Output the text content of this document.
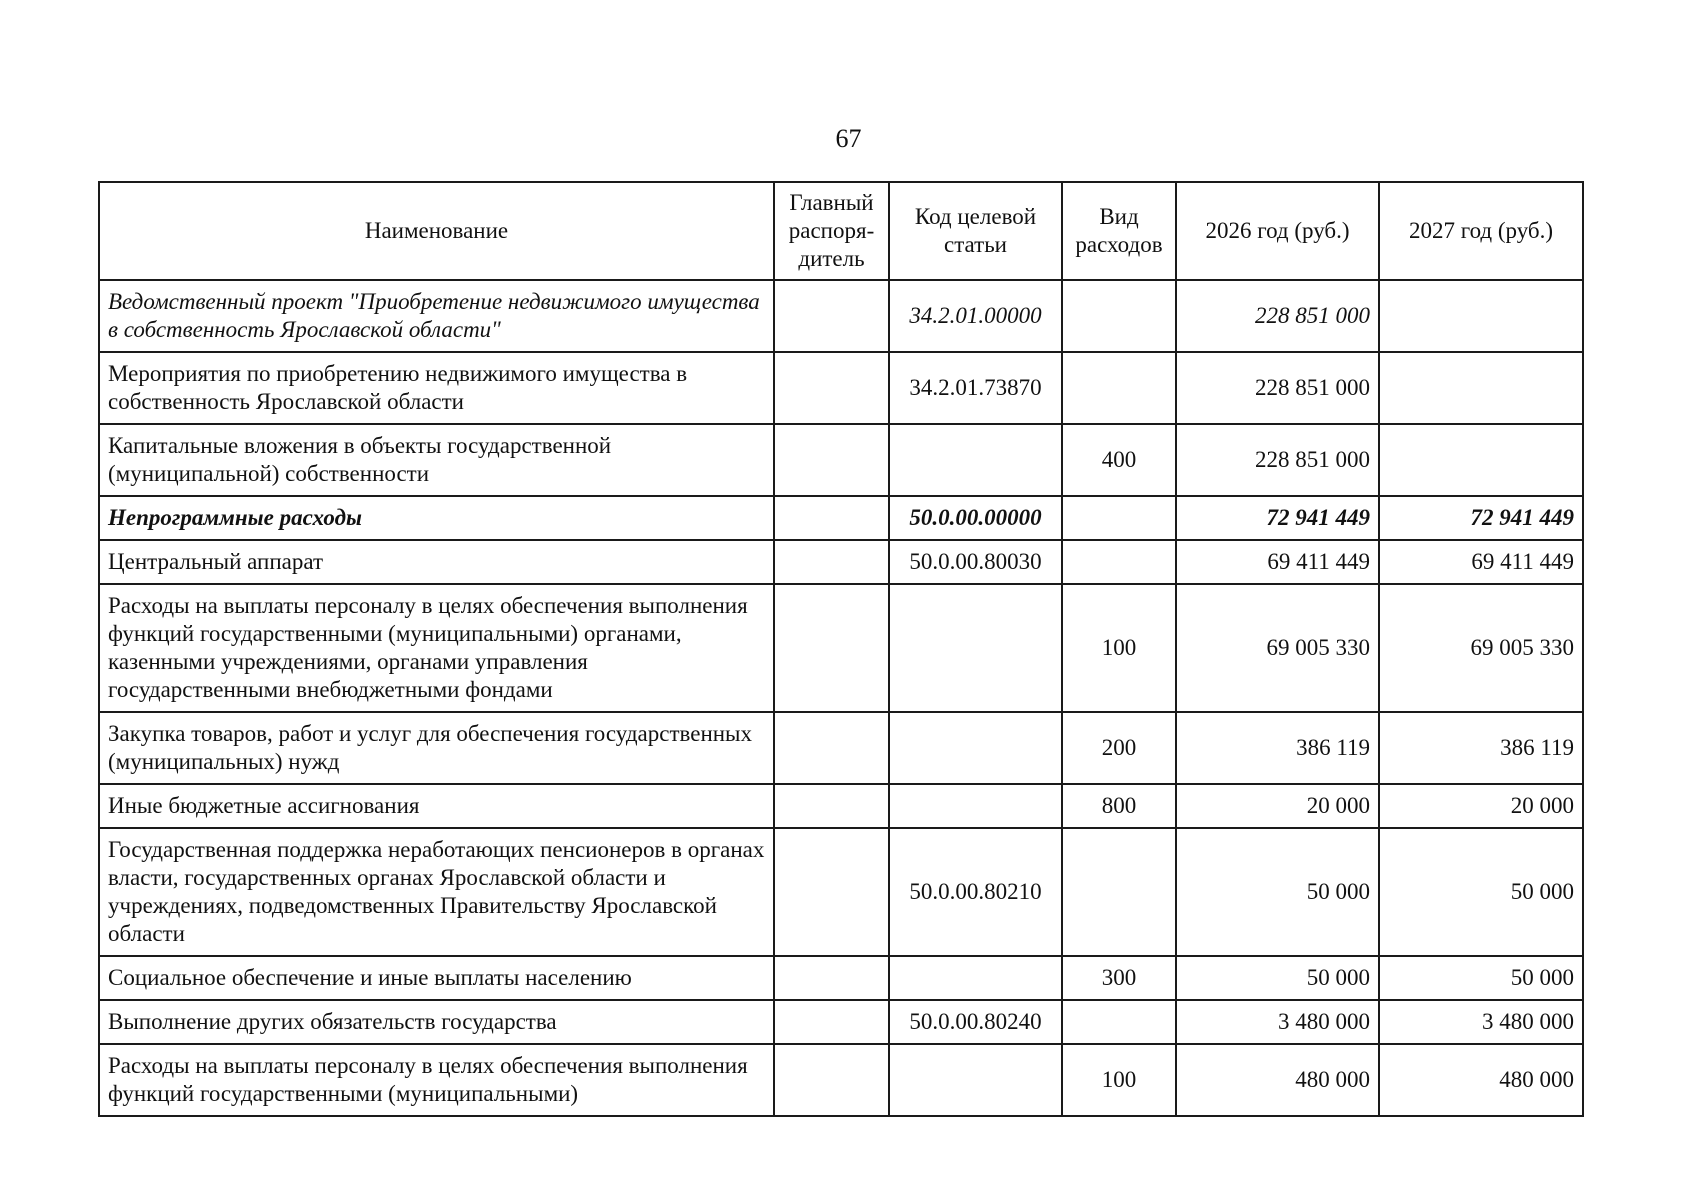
67
Наименование	Главный распоря-дитель	Код целевой статьи	Вид расходов	2026 год (руб.)	2027 год (руб.)
Ведомственный проект "Приобретение недвижимого имущества в собственность Ярославской области"		34.2.01.00000		228 851 000	
Мероприятия по приобретению недвижимого имущества в собственность Ярославской области		34.2.01.73870		228 851 000	
Капитальные вложения в объекты государственной (муниципальной) собственности			400	228 851 000	
Непрограммные расходы		50.0.00.00000		72 941 449	72 941 449
Центральный аппарат		50.0.00.80030		69 411 449	69 411 449
Расходы на выплаты персоналу в целях обеспечения выполнения функций государственными (муниципальными) органами, казенными учреждениями, органами управления государственными внебюджетными фондами			100	69 005 330	69 005 330
Закупка товаров, работ и услуг для обеспечения государственных (муниципальных) нужд			200	386 119	386 119
Иные бюджетные ассигнования			800	20 000	20 000
Государственная поддержка неработающих пенсионеров в органах власти, государственных органах Ярославской области и учреждениях, подведомственных Правительству Ярославской области		50.0.00.80210		50 000	50 000
Социальное обеспечение и иные выплаты населению			300	50 000	50 000
Выполнение других обязательств государства		50.0.00.80240		3 480 000	3 480 000
Расходы на выплаты персоналу в целях обеспечения выполнения функций государственными (муниципальными)			100	480 000	480 000
